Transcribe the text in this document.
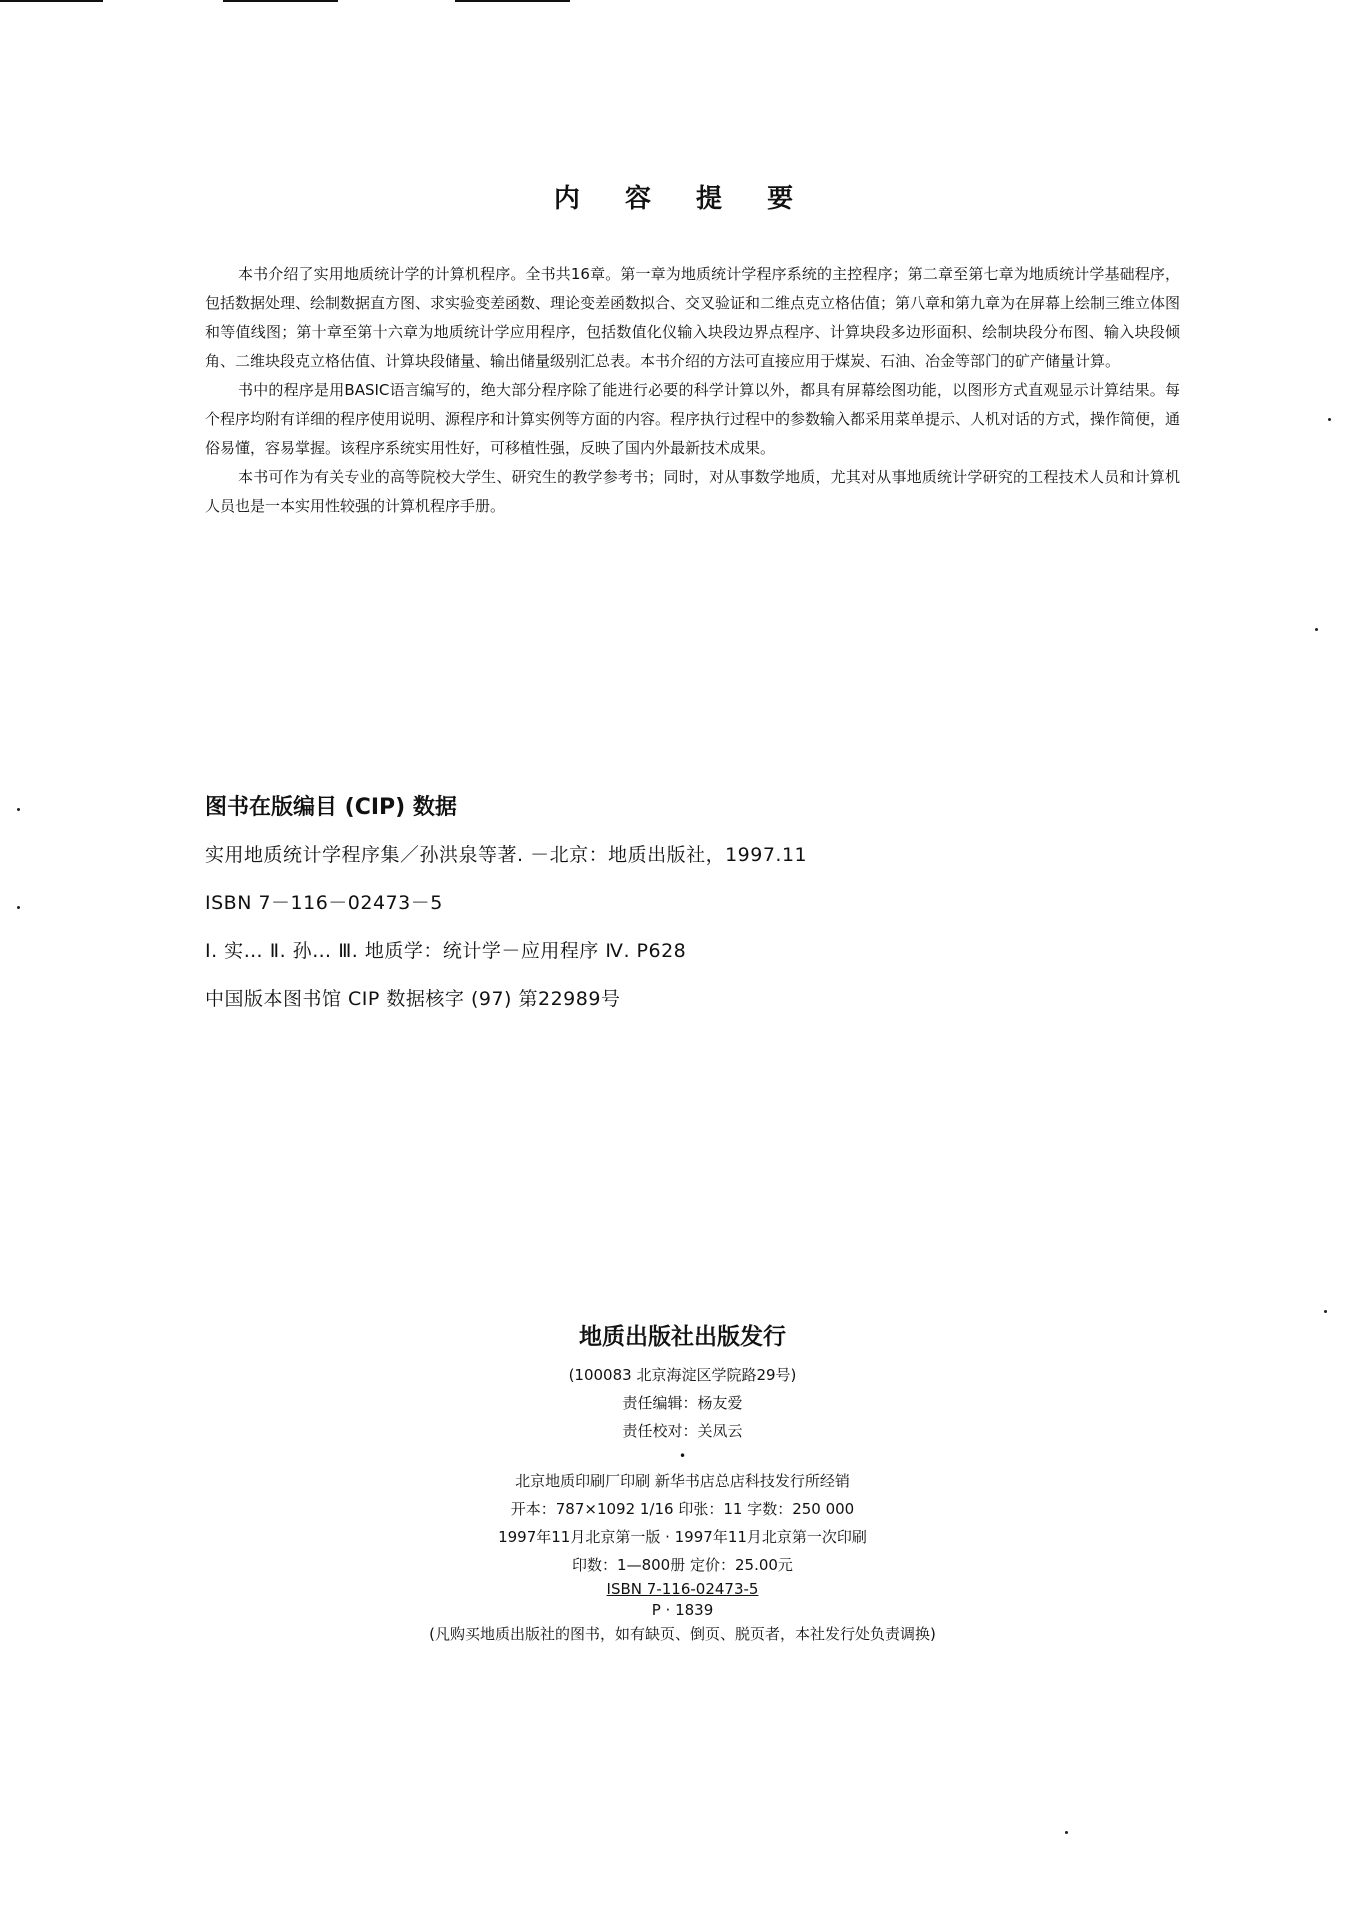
内 容 提 要

本书介绍了实用地质统计学的计算机程序。全书共16章。第一章为地质统计学程序系统的主控程序；第二章至第七章为地质统计学基础程序，包括数据处理、绘制数据直方图、求实验变差函数、理论变差函数拟合、交叉验证和二维点克立格估值；第八章和第九章为在屏幕上绘制三维立体图和等值线图；第十章至第十六章为地质统计学应用程序，包括数值化仪输入块段边界点程序、计算块段多边形面积、绘制块段分布图、输入块段倾角、二维块段克立格估值、计算块段储量、输出储量级别汇总表。本书介绍的方法可直接应用于煤炭、石油、冶金等部门的矿产储量计算。

书中的程序是用BASIC语言编写的，绝大部分程序除了能进行必要的科学计算以外，都具有屏幕绘图功能，以图形方式直观显示计算结果。每个程序均附有详细的程序使用说明、源程序和计算实例等方面的内容。程序执行过程中的参数输入都采用菜单提示、人机对话的方式，操作简便，通俗易懂，容易掌握。该程序系统实用性好，可移植性强，反映了国内外最新技术成果。

本书可作为有关专业的高等院校大学生、研究生的教学参考书；同时，对从事数学地质，尤其对从事地质统计学研究的工程技术人员和计算机人员也是一本实用性较强的计算机程序手册。

图书在版编目 (CIP) 数据
实用地质统计学程序集／孙洪泉等著. －北京：地质出版社，1997.11
ISBN 7－116－02473－5
Ⅰ. 实… Ⅱ. 孙… Ⅲ. 地质学：统计学－应用程序 Ⅳ. P628
中国版本图书馆 CIP 数据核字 (97) 第22989号
地质出版社出版发行
(100083 北京海淀区学院路29号)
责任编辑：杨友爱
责任校对：关凤云
•
北京地质印刷厂印刷 新华书店总店科技发行所经销
开本：787×1092 1/16 印张：11 字数：250 000
1997年11月北京第一版 · 1997年11月北京第一次印刷
印数：1—800册 定价：25.00元
ISBN 7-116-02473-5
P · 1839
(凡购买地质出版社的图书，如有缺页、倒页、脱页者，本社发行处负责调换)
